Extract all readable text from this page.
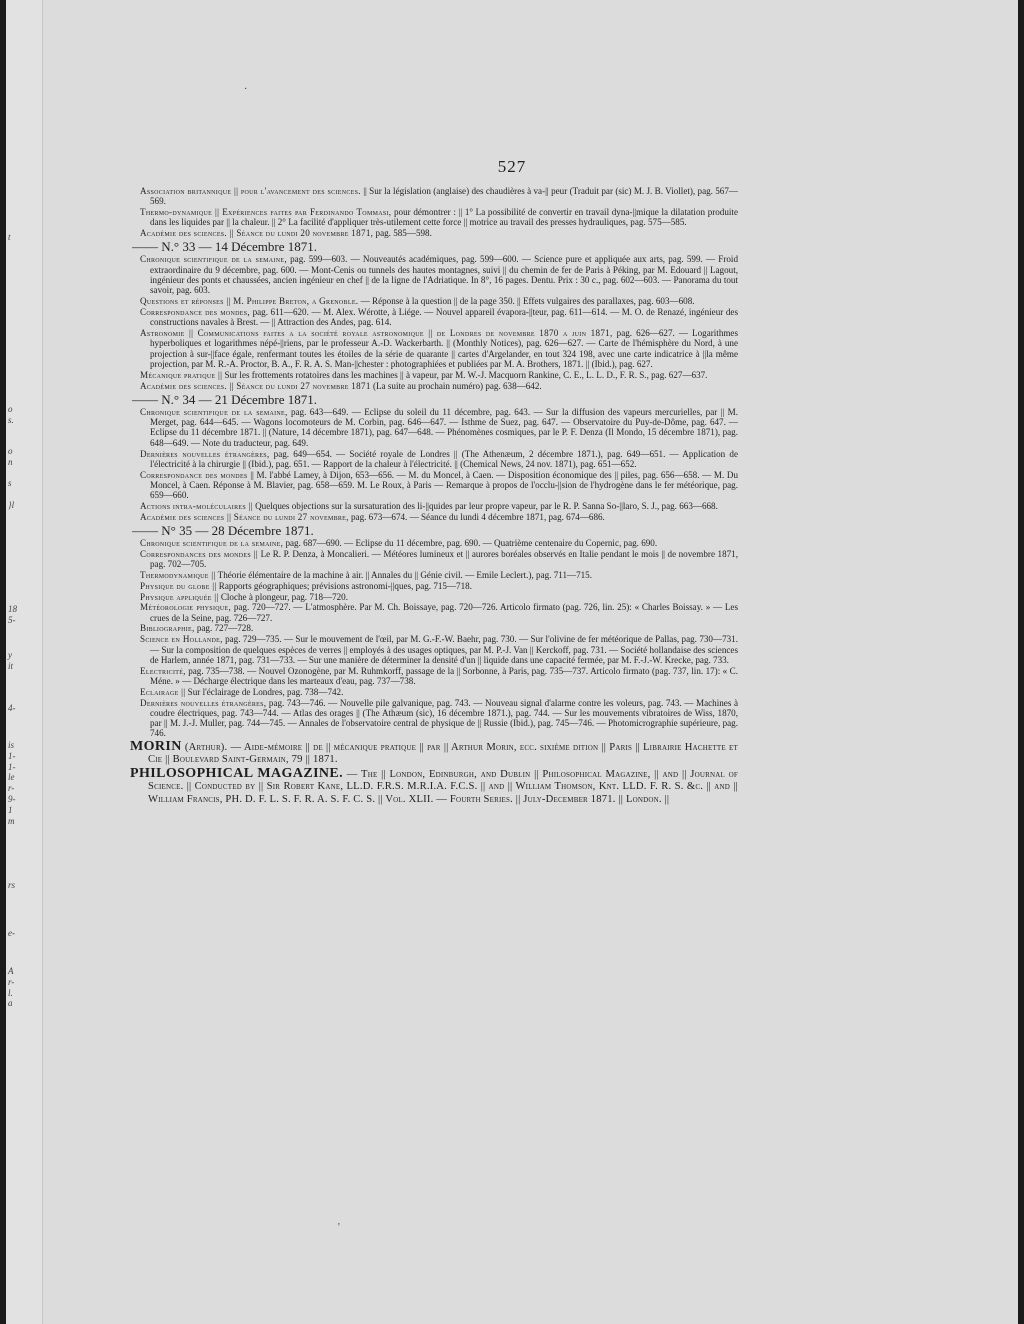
t
o
s.
o
n
s
}l
18
5-
y
it
4-
is
1-
1-
le
r-
9-
1
m
rs
e-
A
r-
l.
a
527
Association britannique || pour l'avancement des sciences. || Sur la législation (anglaise) des chaudières à va-|| peur (Traduit par (sic) M. J. B. Viollet), pag. 567—569.
Thermo-dynamique || Expériences faites par Ferdinando Tommasi, pour démontrer : || 1° La possibilité de convertir en travail dyna-||mique la dilatation produite dans les liquides par || la chaleur. || 2° La facilité d'appliquer très-utilement cette force || motrice au travail des presses hydrauliques, pag. 575—585.
Académie des sciences. || Séance du lundi 20 novembre 1871, pag. 585—598.
—— N.° 33 — 14 Décembre 1871.
Chronique scientifique de la semaine, pag. 599—603. — Nouveautés académiques, pag. 599—600. — Science pure et appliquée aux arts, pag. 599. — Froid extraordinaire du 9 décembre, pag. 600. — Mont-Cenis ou tunnels des hautes montagnes, suivi || du chemin de fer de Paris à Péking, par M. Edouard || Lagout, ingénieur des ponts et chaussées, ancien ingénieur en chef || de la ligne de l'Adriatique. In 8°, 16 pages. Dentu. Prix : 30 c., pag. 602—603. — Panorama du tout savoir, pag. 603.
Questions et réponses || M. Philippe Breton, a Grenoble. — Réponse à la question || de la page 350. || Effets vulgaires des parallaxes, pag. 603—608.
Correspondance des mondes, pag. 611—620. — M. Alex. Wérotte, à Liége. — Nouvel appareil évapora-||teur, pag. 611—614. — M. O. de Renazé, ingénieur des constructions navales à Brest. — || Attraction des Andes, pag. 614.
Astronomie || Communications faites a la société royale astronomique || de Londres de novembre 1870 a juin 1871, pag. 626—627. — Logarithmes hyperboliques et logarithmes népé-||riens, par le professeur A.-D. Wackerbarth. || (Monthly Notices), pag. 626—627. — Carte de l'hémisphère du Nord, à une projection à sur-||face égale, renfermant toutes les étoiles de la série de quarante || cartes d'Argelander, en tout 324 198, avec une carte indicatrice à ||la même projection, par M. R.-A. Proctor, B. A., F. R. A. S. Man-||chester : photographiées et publiées par M. A. Brothers, 1871. || (Ibid.), pag. 627.
Mécanique pratique || Sur les frottements rotatoires dans les machines || à vapeur, par M. W.-J. Macquorn Rankine, C. E., L. L. D., F. R. S., pag. 627—637.
Académie des sciences. || Séance du lundi 27 novembre 1871 (La suite au prochain numéro) pag. 638—642.
—— N.° 34 — 21 Décembre 1871.
Chronique scientifique de la semaine, pag. 643—649. — Eclipse du soleil du 11 décembre, pag. 643. — Sur la diffusion des vapeurs mercurielles, par || M. Merget, pag. 644—645. — Wagons locomoteurs de M. Corbin, pag. 646—647. — Isthme de Suez, pag. 647. — Observatoire du Puy-de-Dôme, pag. 647. — Eclipse du 11 décembre 1871. || (Nature, 14 décembre 1871), pag. 647—648. — Phénomènes cosmiques, par le P. F. Denza (Il Mondo, 15 décembre 1871), pag. 648—649. — Note du traducteur, pag. 649.
Dernières nouvelles étrangères, pag. 649—654. — Société royale de Londres || (The Athenæum, 2 décembre 1871.), pag. 649—651. — Application de l'électricité à la chirurgie || (Ibid.), pag. 651. — Rapport de la chaleur à l'électricité. || (Chemical News, 24 nov. 1871), pag. 651—652.
Correspondance des mondes || M. l'abbé Lamey, à Dijon, 653—656. — M. du Moncel, à Caen. — Disposition économique des || piles, pag. 656—658. — M. Du Moncel, à Caen. Réponse à M. Blavier, pag. 658—659. M. Le Roux, à Paris — Remarque à propos de l'occlu-||sion de l'hydrogène dans le fer météorique, pag. 659—660.
Actions intra-moléculaires || Quelques objections sur la sursaturation des li-||quides par leur propre vapeur, par le R. P. Sanna So-||laro, S. J., pag. 663—668.
Académie des sciences || Séance du lundi 27 novembre, pag. 673—674. — Séance du lundi 4 décembre 1871, pag. 674—686.
—— N° 35 — 28 Décembre 1871.
Chronique scientifique de la semaine, pag. 687—690. — Eclipse du 11 décembre, pag. 690. — Quatrième centenaire du Copernic, pag. 690.
Correspondances des mondes || Le R. P. Denza, à Moncalieri. — Météores lumineux et || aurores boréales observés en Italie pendant le mois || de novembre 1871, pag. 702—705.
Thermodynamique || Théorie élémentaire de la machine à air. || Annales du || Génie civil. — Emile Leclert.), pag. 711—715.
Physique du globe || Rapports géographiques; prévisions astronomi-||ques, pag. 715—718.
Physique appliquée || Cloche à plongeur, pag. 718—720.
Météorologie physique, pag. 720—727. — L'atmosphère. Par M. Ch. Boissaye, pag. 720—726. Articolo firmato (pag. 726, lin. 25): « Charles Boissay. » — Les crues de la Seine, pag. 726—727.
Bibliographie, pag. 727—728.
Science en Hollande, pag. 729—735. — Sur le mouvement de l'œil, par M. G.-F.-W. Baehr, pag. 730. — Sur l'olivine de fer météorique de Pallas, pag. 730—731. — Sur la composition de quelques espèces de verres || employés à des usages optiques, par M. P.-J. Van || Kerckoff, pag. 731. — Société hollandaise des sciences de Harlem, année 1871, pag. 731—733. — Sur une manière de déterminer la densité d'un || liquide dans une capacité fermée, par M. F.-J.-W. Krecke, pag. 733.
Electricité, pag. 735—738. — Nouvel Ozonogène, par M. Ruhmkorff, passage de la || Sorbonne, à Paris, pag. 735—737. Articolo firmato (pag. 737, lin. 17): « C. Méne. » — Décharge électrique dans les marteaux d'eau, pag. 737—738.
Eclairage || Sur l'éclairage de Londres, pag. 738—742.
Dernières nouvelles étrangères, pag. 743—746. — Nouvelle pile galvanique, pag. 743. — Nouveau signal d'alarme contre les voleurs, pag. 743. — Machines à coudre électriques, pag. 743—744. — Atlas des orages || (The Athæum (sic), 16 décembre 1871.), pag. 744. — Sur les mouvements vibratoires de Wiss, 1870, par || M. J.-J. Muller, pag. 744—745. — Annales de l'observatoire central de physique de || Russie (Ibid.), pag. 745—746. — Photomicrographie supérieure, pag. 746.
MORIN (Arthur). — Aide-mémoire || de || mécanique pratique || par || Arthur Morin, ecc. sixième dition || Paris || Librairie Hachette et Cie || Boulevard Saint-Germain, 79 || 1871.
PHILOSOPHICAL MAGAZINE. — The || London, Edinburgh, and Dublin || Philosophical Magazine, || and || Journal of Science. || Conducted by || Sir Robert Kane, LL.D. F.R.S. M.R.I.A. F.C.S. || and || William Thomson, Knt. LLD. F. R. S. &c. || and || William Francis, PH. D. F. L. S. F. R. A. S. F. C. S. || Vol. XLII. — Fourth Series. || July-December 1871. || London. ||
·
'
